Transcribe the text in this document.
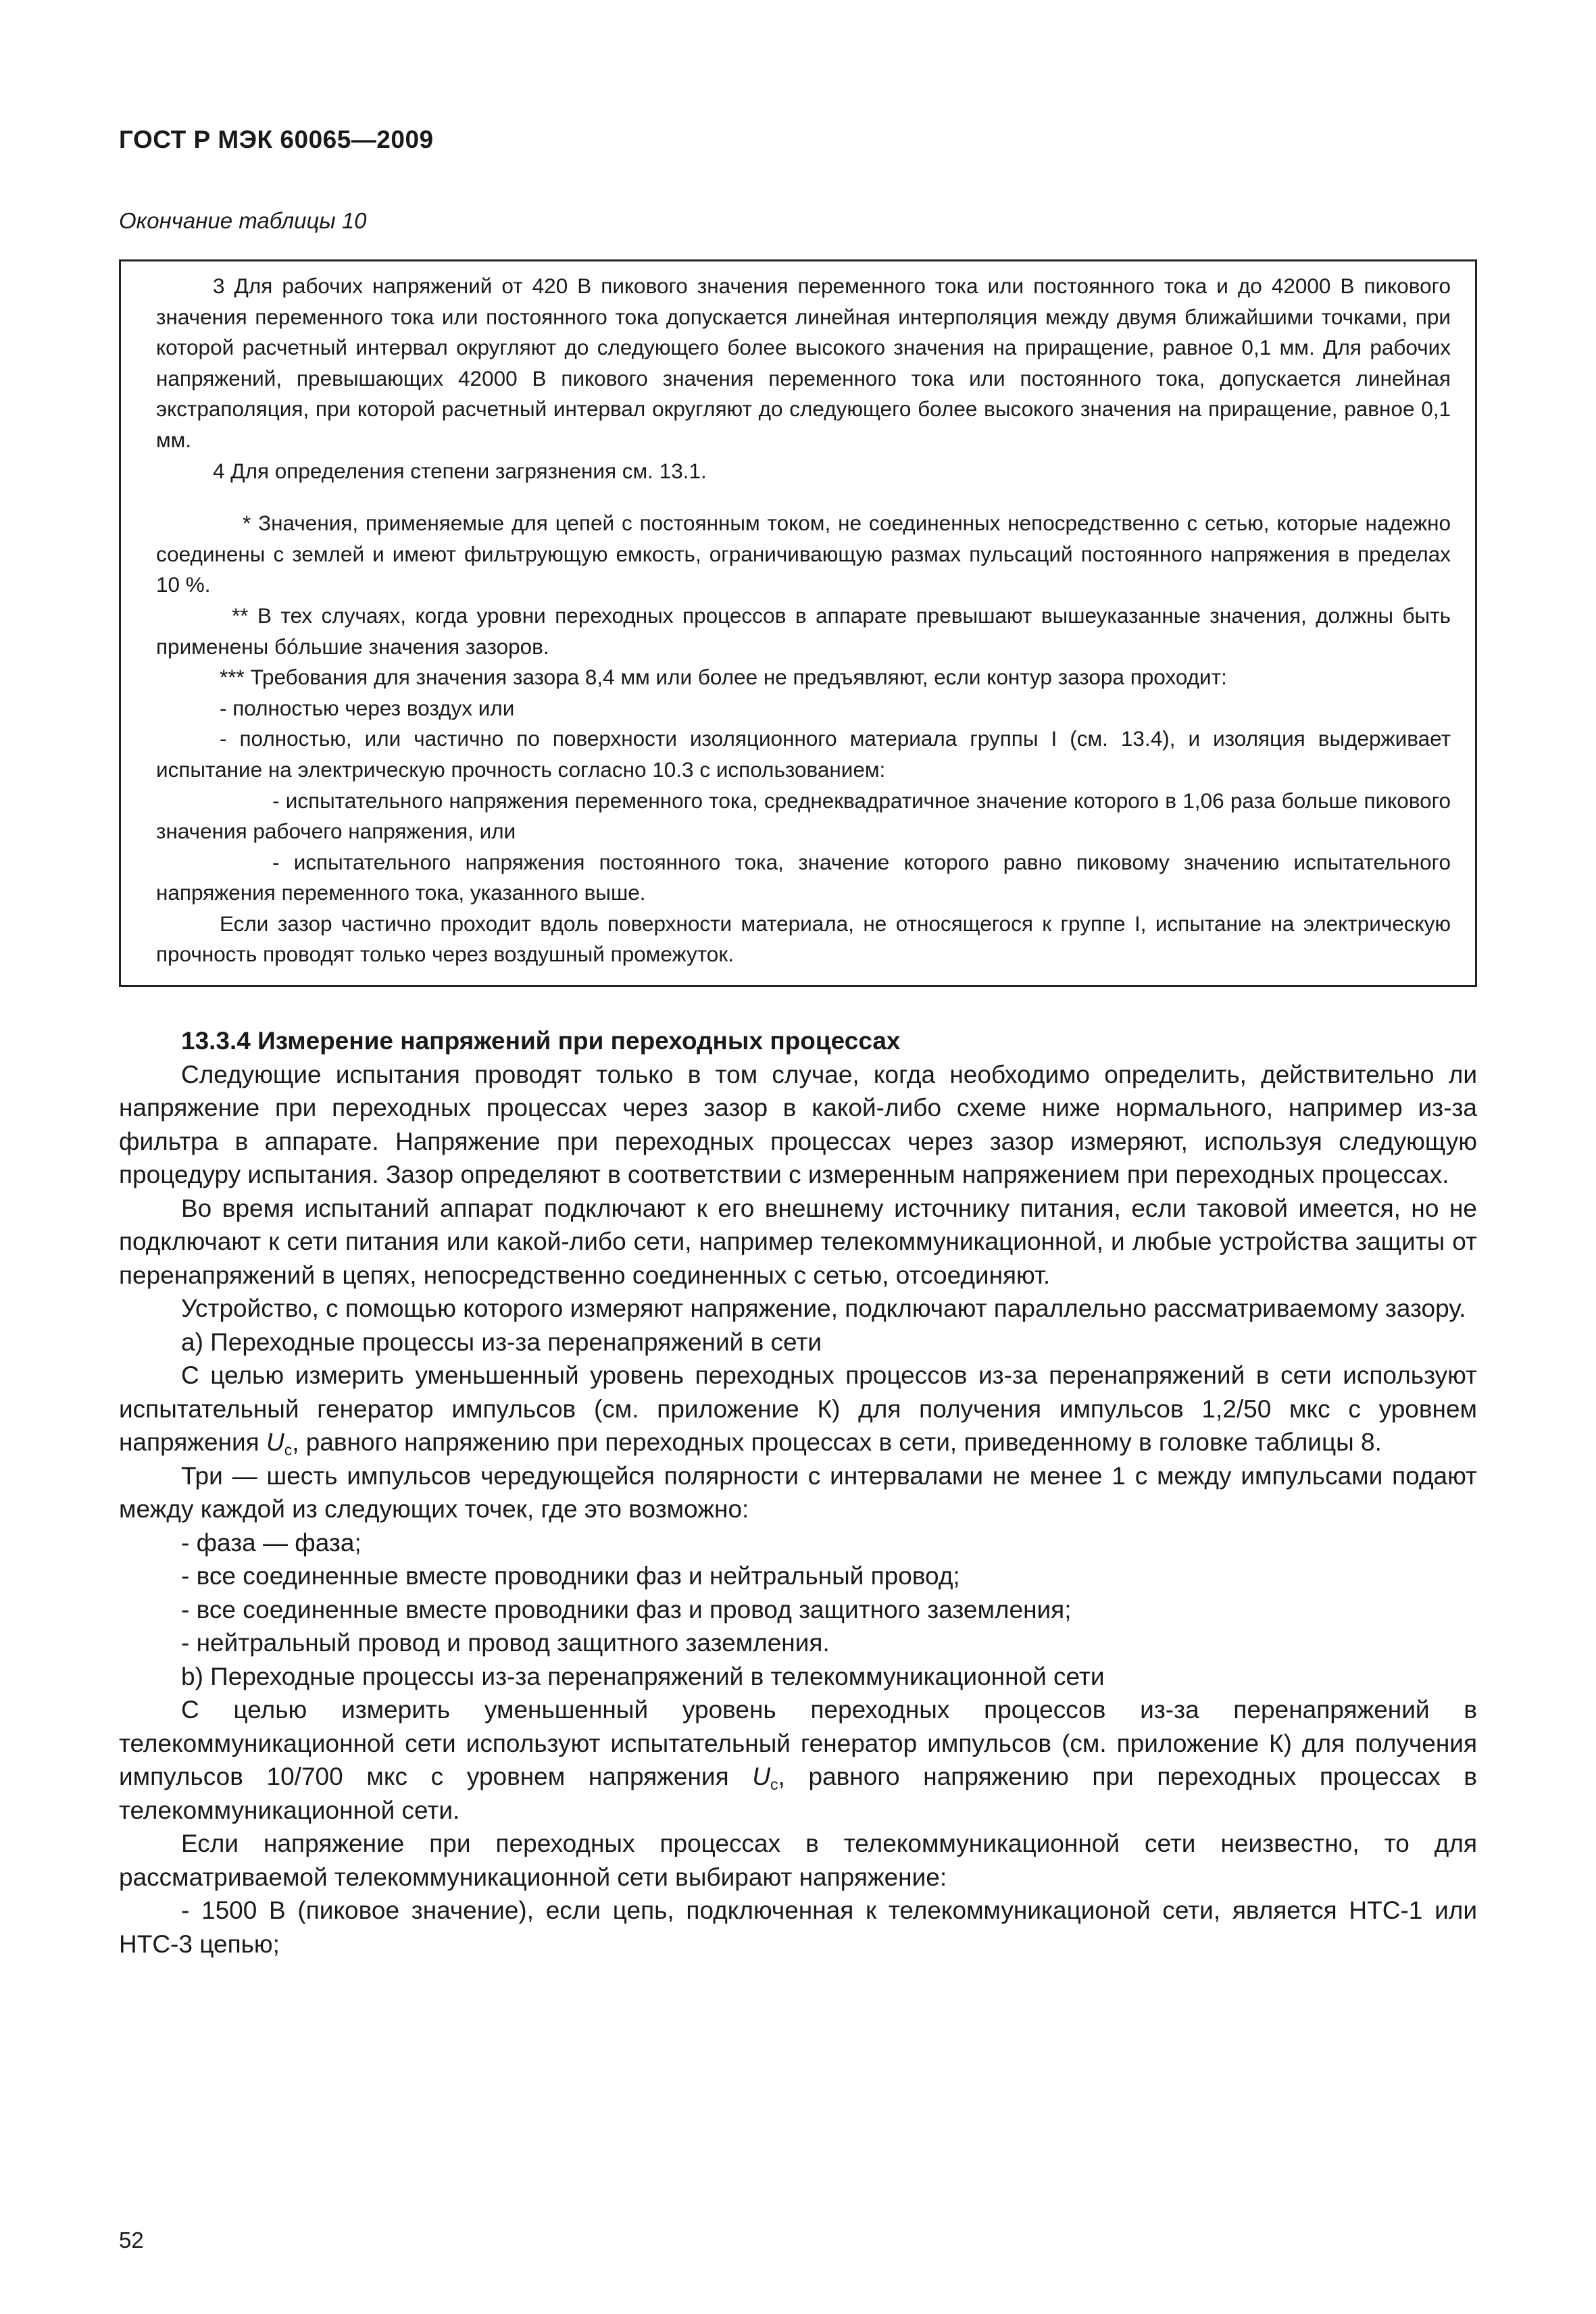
ГОСТ Р МЭК 60065—2009
Окончание таблицы 10

3 Для рабочих напряжений от 420 В пикового значения переменного тока или постоянного тока и до 42000 В пикового значения переменного тока или постоянного тока допускается линейная интерполяция между двумя ближайшими точками, при которой расчетный интервал округляют до следующего более высокого значения на приращение, равное 0,1 мм. Для рабочих напряжений, превышающих 42000 В пикового значения переменного тока или постоянного тока, допускается линейная экстраполяция, при которой расчетный интервал округляют до следующего более высокого значения на приращение, равное 0,1 мм.

4 Для определения степени загрязнения см. 13.1.

* Значения, применяемые для цепей с постоянным током, не соединенных непосредственно с сетью, которые надежно соединены с землей и имеют фильтрующую емкость, ограничивающую размах пульсаций постоянного напряжения в пределах 10 %.

** В тех случаях, когда уровни переходных процессов в аппарате превышают вышеуказанные значения, должны быть применены бóльшие значения зазоров.

*** Требования для значения зазора 8,4 мм или более не предъявляют, если контур зазора проходит:

- полностью через воздух или

- полностью, или частично по поверхности изоляционного материала группы I (см. 13.4), и изоляция выдерживает испытание на электрическую прочность согласно 10.3 с использованием:

- испытательного напряжения переменного тока, среднеквадратичное значение которого в 1,06 раза больше пикового значения рабочего напряжения, или

- испытательного напряжения постоянного тока, значение которого равно пиковому значению испытательного напряжения переменного тока, указанного выше.

Если зазор частично проходит вдоль поверхности материала, не относящегося к группе I, испытание на электрическую прочность проводят только через воздушный промежуток.

13.3.4 Измерение напряжений при переходных процессах

Следующие испытания проводят только в том случае, когда необходимо определить, действительно ли напряжение при переходных процессах через зазор в какой-либо схеме ниже нормального, например из-за фильтра в аппарате. Напряжение при переходных процессах через зазор измеряют, используя следующую процедуру испытания. Зазор определяют в соответствии с измеренным напряжением при переходных процессах.

Во время испытаний аппарат подключают к его внешнему источнику питания, если таковой имеется, но не подключают к сети питания или какой-либо сети, например телекоммуникационной, и любые устройства защиты от перенапряжений в цепях, непосредственно соединенных с сетью, отсоединяют.

Устройство, с помощью которого измеряют напряжение, подключают параллельно рассматриваемому зазору.

а) Переходные процессы из-за перенапряжений в сети

С целью измерить уменьшенный уровень переходных процессов из-за перенапряжений в сети используют испытательный генератор импульсов (см. приложение К) для получения импульсов 1,2/50 мкс с уровнем напряжения $U_c$, равного напряжению при переходных процессах в сети, приведенному в головке таблицы 8.

Три — шесть импульсов чередующейся полярности с интервалами не менее 1 с между импульсами подают между каждой из следующих точек, где это возможно:

- фаза — фаза;

- все соединенные вместе проводники фаз и нейтральный провод;

- все соединенные вместе проводники фаз и провод защитного заземления;

- нейтральный провод и провод защитного заземления.

b) Переходные процессы из-за перенапряжений в телекоммуникационной сети

С целью измерить уменьшенный уровень переходных процессов из-за перенапряжений в телекоммуникационной сети используют испытательный генератор импульсов (см. приложение К) для получения импульсов 10/700 мкс с уровнем напряжения $U_c$, равного напряжению при переходных процессах в телекоммуникационной сети.

Если напряжение при переходных процессах в телекоммуникационной сети неизвестно, то для рассматриваемой телекоммуникационной сети выбирают напряжение:

- 1500 В (пиковое значение), если цепь, подключенная к телекоммуникационой сети, является НТС-1 или НТС-3 цепью;

52
